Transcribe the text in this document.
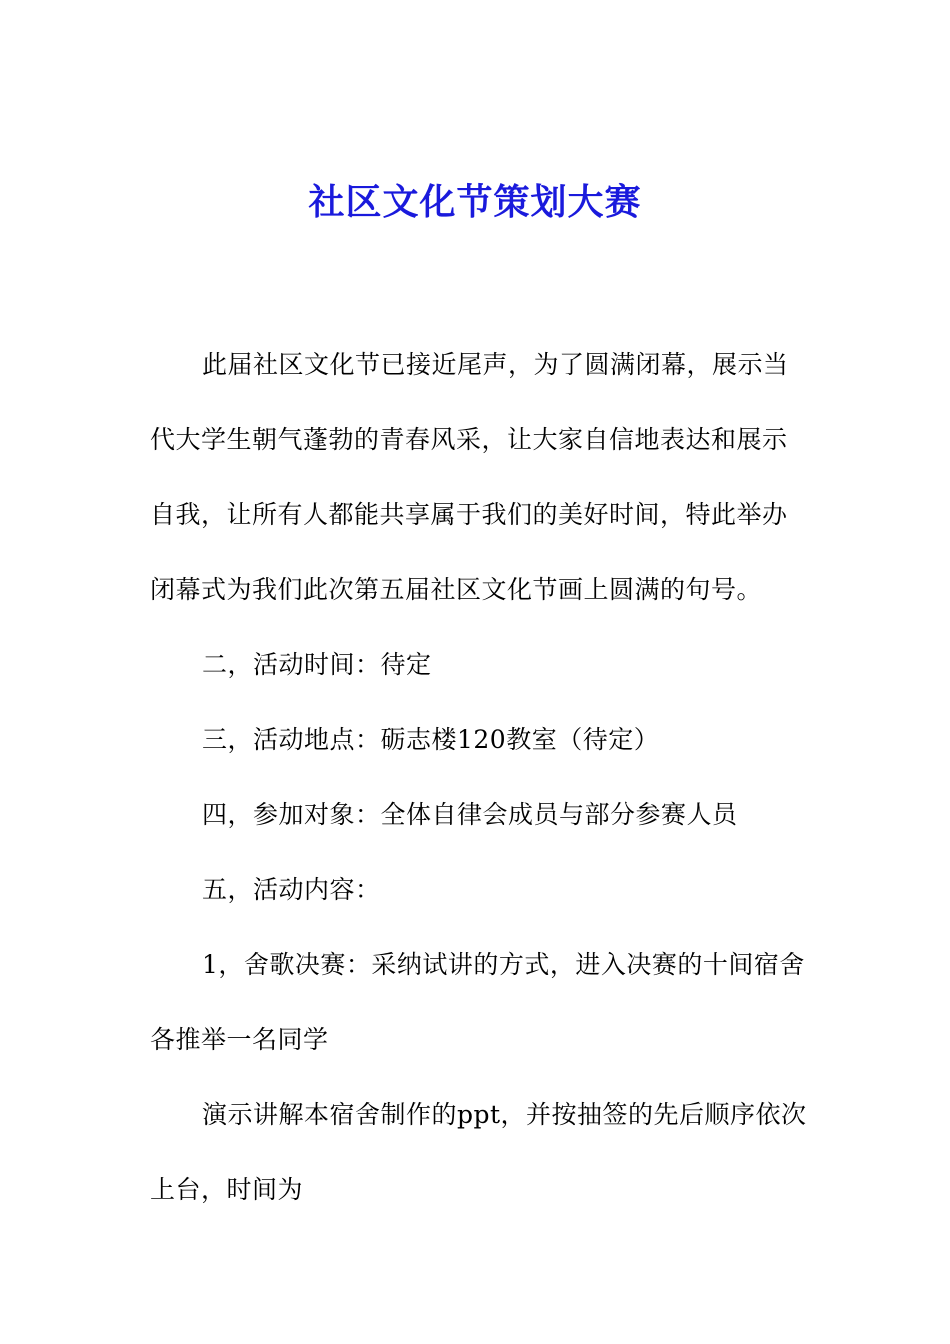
社区文化节策划大赛

此届社区文化节已接近尾声，为了圆满闭幕，展示当代大学生朝气蓬勃的青春风采，让大家自信地表达和展示自我，让所有人都能共享属于我们的美好时间，特此举办闭幕式为我们此次第五届社区文化节画上圆满的句号。

二，活动时间：待定

三，活动地点：砺志楼120教室（待定）

四，参加对象：全体自律会成员与部分参赛人员

五，活动内容：

1，舍歌决赛：采纳试讲的方式，进入决赛的十间宿舍各推举一名同学

演示讲解本宿舍制作的ppt，并按抽签的先后顺序依次上台，时间为
